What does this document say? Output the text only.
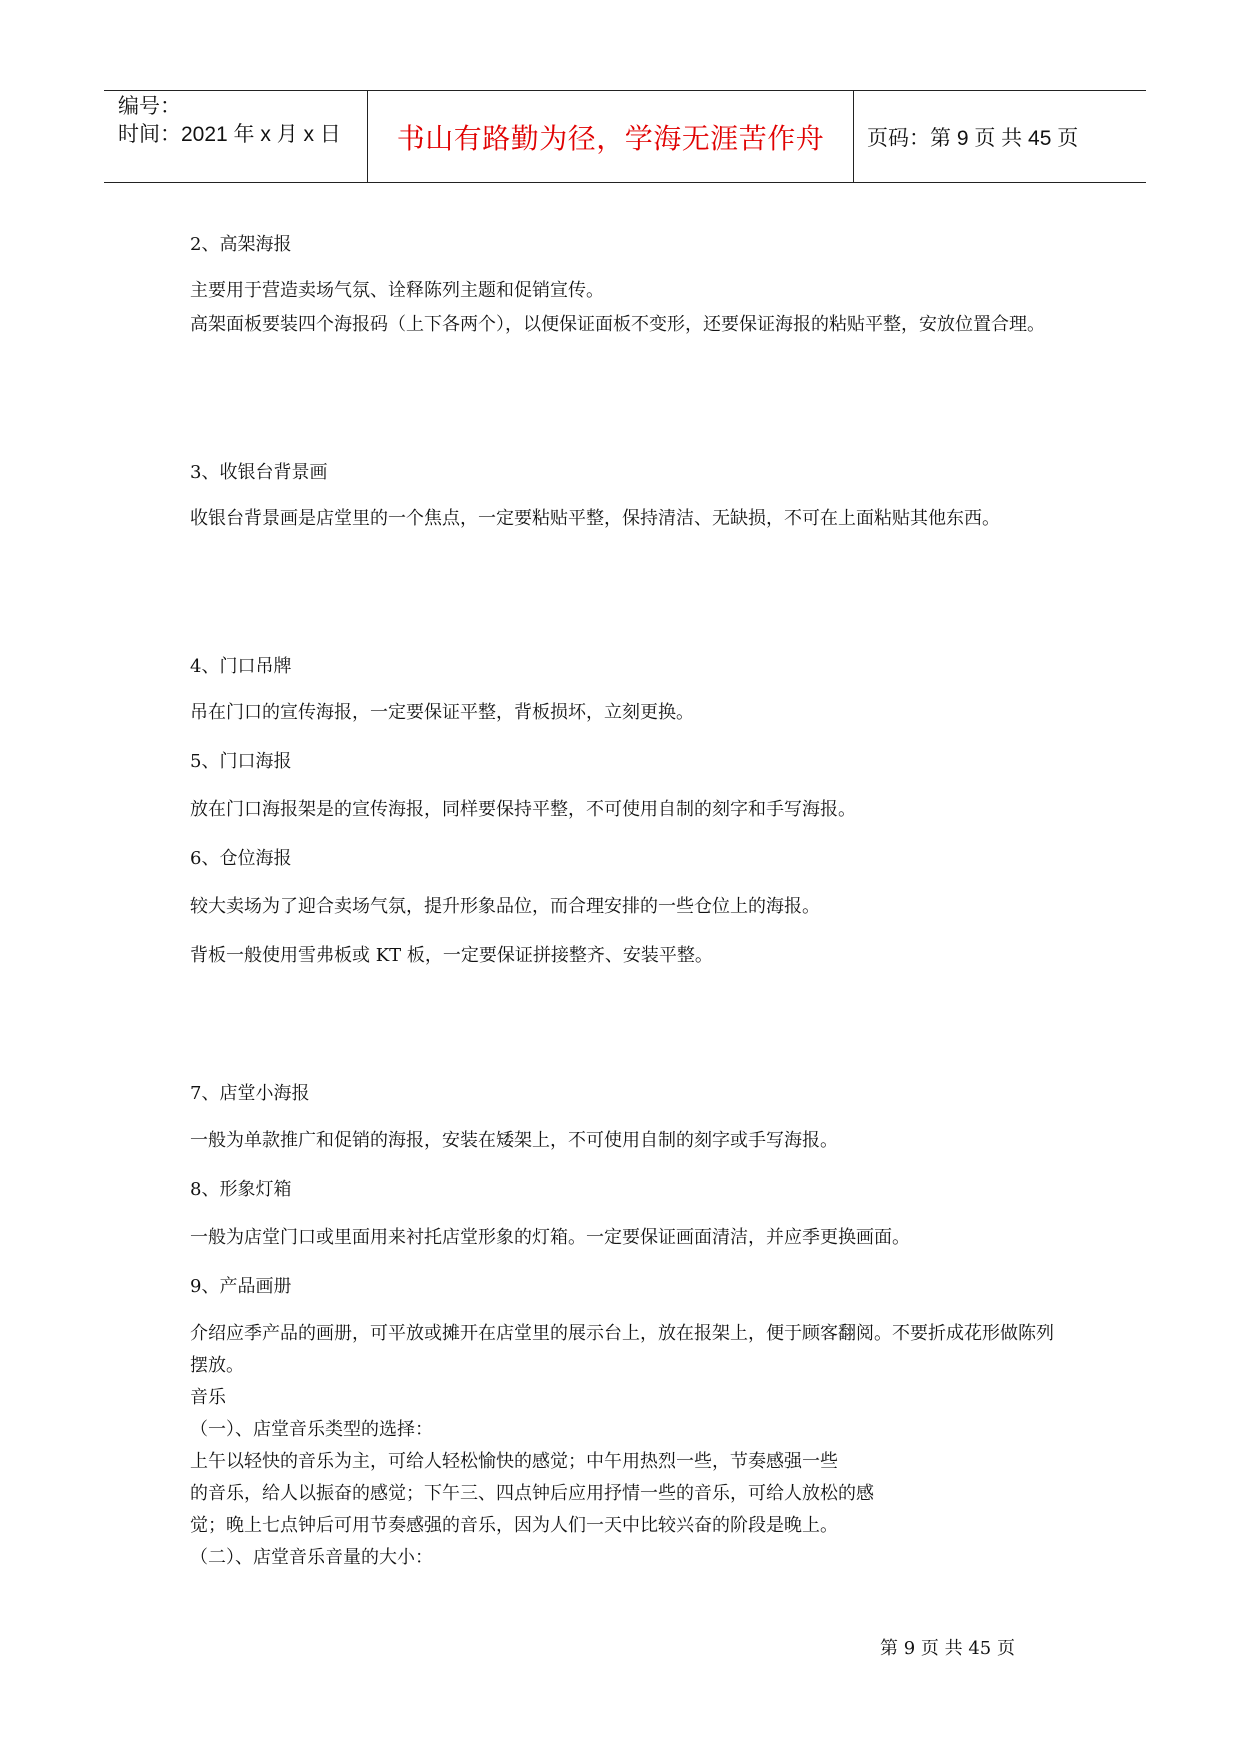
编号：
时间：2021 年 x 月 x 日	书山有路勤为径，学海无涯苦作舟	页码：第 9 页 共 45 页

2、高架海报

主要用于营造卖场气氛、诠释陈列主题和促销宣传。

高架面板要装四个海报码（上下各两个），以便保证面板不变形，还要保证海报的粘贴平整，安放位置合理。

3、收银台背景画

收银台背景画是店堂里的一个焦点，一定要粘贴平整，保持清洁、无缺损，不可在上面粘贴其他东西。

4、门口吊牌

吊在门口的宣传海报，一定要保证平整，背板损坏，立刻更换。

5、门口海报

放在门口海报架是的宣传海报，同样要保持平整，不可使用自制的刻字和手写海报。

6、仓位海报

较大卖场为了迎合卖场气氛，提升形象品位，而合理安排的一些仓位上的海报。

背板一般使用雪弗板或 KT 板，一定要保证拼接整齐、安装平整。

7、店堂小海报

一般为单款推广和促销的海报，安装在矮架上，不可使用自制的刻字或手写海报。

8、形象灯箱

一般为店堂门口或里面用来衬托店堂形象的灯箱。一定要保证画面清洁，并应季更换画面。

9、产品画册

介绍应季产品的画册，可平放或摊开在店堂里的展示台上，放在报架上，便于顾客翻阅。不要折成花形做陈列摆放。

音乐

（一）、店堂音乐类型的选择：

上午以轻快的音乐为主，可给人轻松愉快的感觉；中午用热烈一些，节奏感强一些

的音乐，给人以振奋的感觉；下午三、四点钟后应用抒情一些的音乐，可给人放松的感

觉；晚上七点钟后可用节奏感强的音乐，因为人们一天中比较兴奋的阶段是晚上。

（二）、店堂音乐音量的大小：

第 9 页 共 45 页
